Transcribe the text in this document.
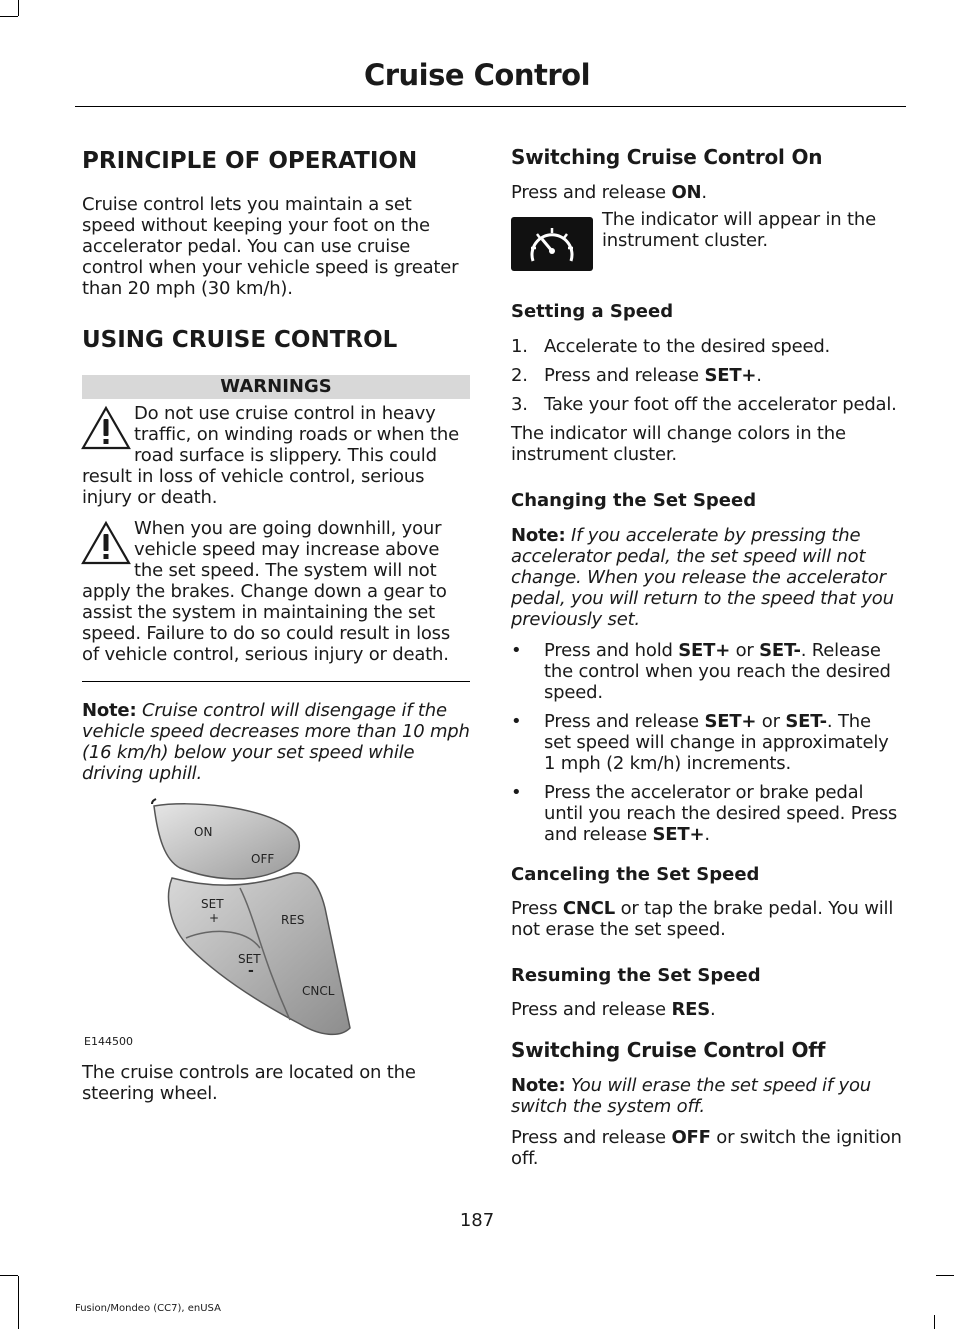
Cruise Control
PRINCIPLE OF OPERATION

Cruise control lets you maintain a set speed without keeping your foot on the accelerator pedal. You can use cruise control when your vehicle speed is greater than 20 mph (30 km/h).

USING CRUISE CONTROL
WARNINGS
Do not use cruise control in heavy traffic, on winding roads or when the road surface is slippery. This could result in loss of vehicle control, serious injury or death.
When you are going downhill, your vehicle speed may increase above the set speed. The system will not apply the brakes. Change down a gear to assist the system in maintaining the set speed. Failure to do so could result in loss of vehicle control, serious injury or death.

Note: Cruise control will disengage if the vehicle speed decreases more than 10 mph (16 km/h) below your set speed while driving uphill.

ON
OFF
SET
+	RES
SET
-
CNCL
E144500

The cruise controls are located on the steering wheel.

Switching Cruise Control On

Press and release ON.

The indicator will appear in the instrument cluster.
Setting a Speed
1. Accelerate to the desired speed.
2. Press and release SET+.
3. Take your foot off the accelerator pedal.

The indicator will change colors in the instrument cluster.

Changing the Set Speed

Note: If you accelerate by pressing the accelerator pedal, the set speed will not change. When you release the accelerator pedal, you will return to the speed that you previously set.

• Press and hold SET+ or SET-. Release the control when you reach the desired speed.
• Press and release SET+ or SET-. The set speed will change in approximately 1 mph (2 km/h) increments.
• Press the accelerator or brake pedal until you reach the desired speed. Press and release SET+.
Canceling the Set Speed

Press CNCL or tap the brake pedal. You will not erase the set speed.

Resuming the Set Speed

Press and release RES.

Switching Cruise Control Off

Note: You will erase the set speed if you switch the system off.

Press and release OFF or switch the ignition off.

187
Fusion/Mondeo (CC7), enUSA
